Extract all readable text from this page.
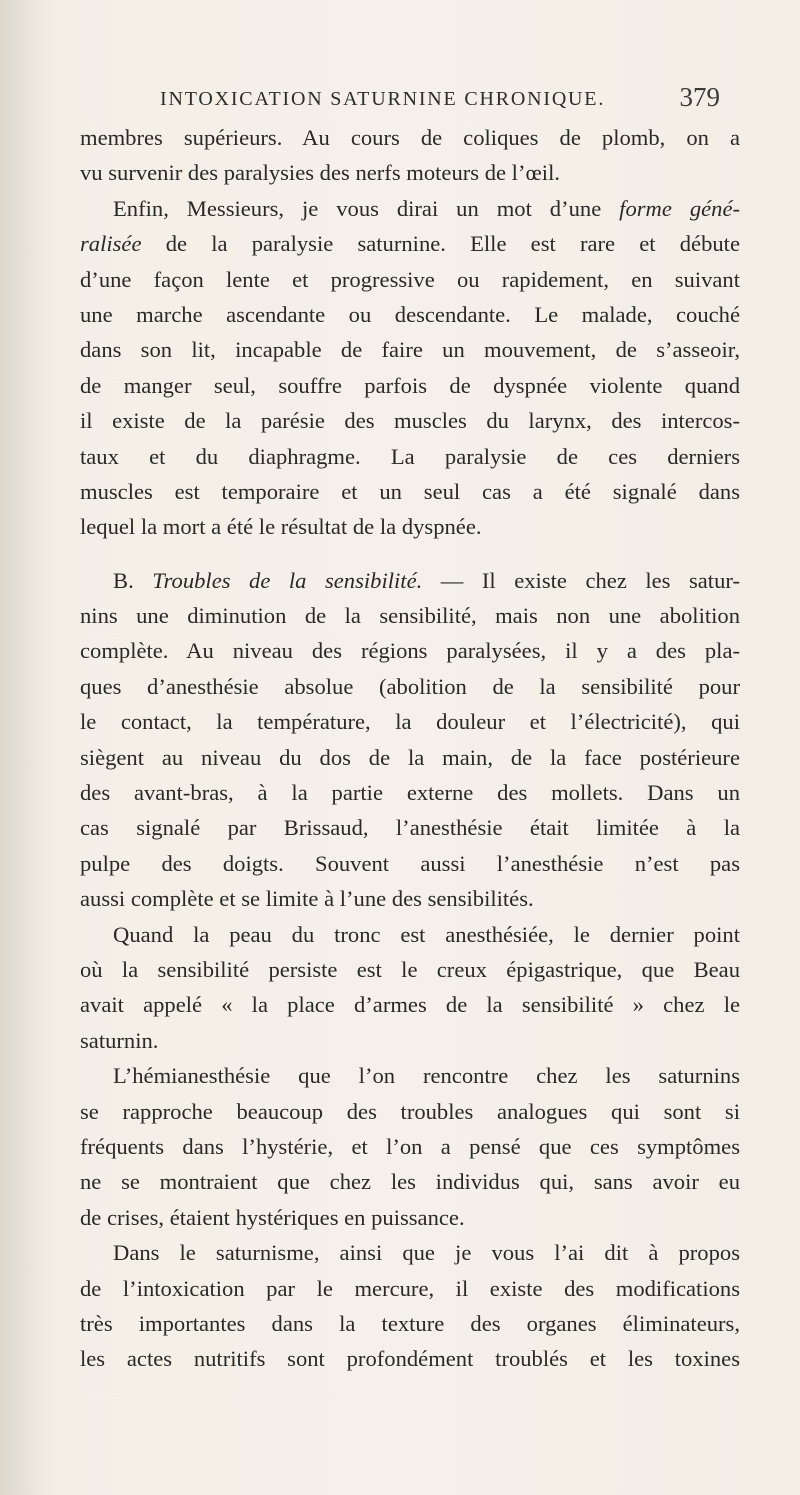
INTOXICATION SATURNINE CHRONIQUE.	379
membres supérieurs. Au cours de coliques de plomb, on a
vu survenir des paralysies des nerfs moteurs de l’œil.
Enfin, Messieurs, je vous dirai un mot d’une forme géné-
ralisée de la paralysie saturnine. Elle est rare et débute
d’une façon lente et progressive ou rapidement, en suivant
une marche ascendante ou descendante. Le malade, couché
dans son lit, incapable de faire un mouvement, de s’asseoir,
de manger seul, souffre parfois de dyspnée violente quand
il existe de la parésie des muscles du larynx, des intercos-
taux et du diaphragme. La paralysie de ces derniers
muscles est temporaire et un seul cas a été signalé dans
lequel la mort a été le résultat de la dyspnée.
B. Troubles de la sensibilité. — Il existe chez les satur-
nins une diminution de la sensibilité, mais non une abolition
complète. Au niveau des régions paralysées, il y a des pla-
ques d’anesthésie absolue (abolition de la sensibilité pour
le contact, la température, la douleur et l’électricité), qui
siègent au niveau du dos de la main, de la face postérieure
des avant-bras, à la partie externe des mollets. Dans un
cas signalé par Brissaud, l’anesthésie était limitée à la
pulpe des doigts. Souvent aussi l’anesthésie n’est pas
aussi complète et se limite à l’une des sensibilités.
Quand la peau du tronc est anesthésiée, le dernier point
où la sensibilité persiste est le creux épigastrique, que Beau
avait appelé « la place d’armes de la sensibilité » chez le
saturnin.
L’hémianesthésie que l’on rencontre chez les saturnins
se rapproche beaucoup des troubles analogues qui sont si
fréquents dans l’hystérie, et l’on a pensé que ces symptômes
ne se montraient que chez les individus qui, sans avoir eu
de crises, étaient hystériques en puissance.
Dans le saturnisme, ainsi que je vous l’ai dit à propos
de l’intoxication par le mercure, il existe des modifications
très importantes dans la texture des organes éliminateurs,
les actes nutritifs sont profondément troublés et les toxines
